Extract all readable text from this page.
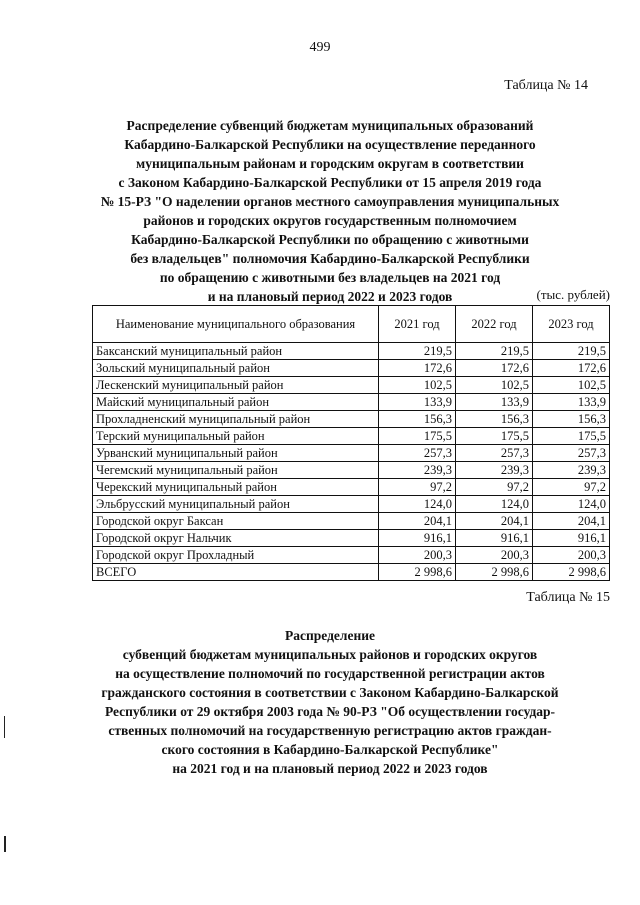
499
Таблица № 14
Распределение субвенций бюджетам муниципальных образований
Кабардино-Балкарской Республики на осуществление переданного
муниципальным районам и городским округам в соответствии
с Законом Кабардино-Балкарской Республики от 15 апреля 2019 года
№ 15-РЗ "О наделении органов местного самоуправления муниципальных
районов и городских округов государственным полномочием
Кабардино-Балкарской Республики по обращению с животными
без владельцев" полномочия Кабардино-Балкарской Республики
по обращению с животными без владельцев на 2021 год
и на плановый период 2022 и 2023 годов	(тыс. рублей)
Наименование муниципального образования	2021 год	2022 год	2023 год
Баксанский муниципальный район	219,5	219,5	219,5
Зольский муниципальный район	172,6	172,6	172,6
Лескенский муниципальный район	102,5	102,5	102,5
Майский муниципальный район	133,9	133,9	133,9
Прохладненский муниципальный район	156,3	156,3	156,3
Терский муниципальный район	175,5	175,5	175,5
Урванский муниципальный район	257,3	257,3	257,3
Чегемский муниципальный район	239,3	239,3	239,3
Черекский муниципальный район	97,2	97,2	97,2
Эльбрусский муниципальный район	124,0	124,0	124,0
Городской округ Баксан	204,1	204,1	204,1
Городской округ Нальчик	916,1	916,1	916,1
Городской округ Прохладный	200,3	200,3	200,3
ВСЕГО	2 998,6	2 998,6	2 998,6
Таблица № 15
Распределение
субвенций бюджетам муниципальных районов и городских округов
на осуществление полномочий по государственной регистрации актов
гражданского состояния в соответствии с Законом Кабардино-Балкарской
Республики от 29 октября 2003 года № 90-РЗ "Об осуществлении государ-
ственных полномочий на государственную регистрацию актов граждан-
ского состояния в Кабардино-Балкарской Республике"
на 2021 год и на плановый период 2022 и 2023 годов
